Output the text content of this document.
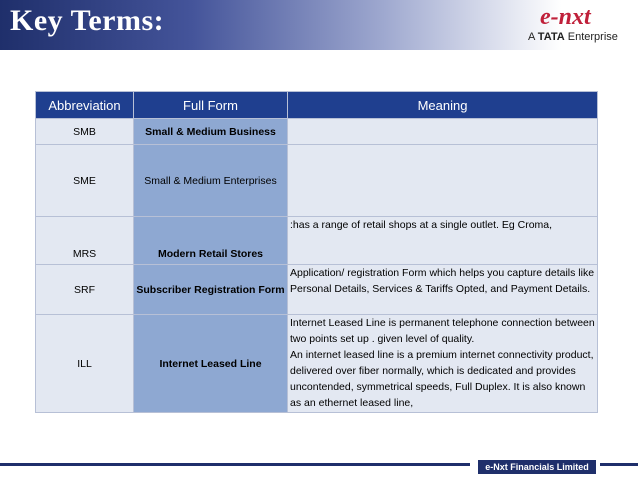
Key Terms:	e-nxt
A TATA Enterprise
Abbreviation	Full Form	Meaning
SMB	Small & Medium Business	
SME	Small & Medium Enterprises	
MRS	Modern Retail Stores	:has a range of retail shops at a single outlet. Eg Croma,
SRF	Subscriber Registration Form	Application/ registration Form which helps you capture details like Personal Details, Services & Tariffs Opted, and Payment Details.
ILL	Internet Leased Line	Internet Leased Line is permanent telephone connection between two points set up . given level of quality.
An internet leased line is a premium internet connectivity product, delivered over fiber normally, which is dedicated and provides uncontended, symmetrical speeds, Full Duplex. It is also known as an ethernet leased line,
e-Nxt Financials Limited
